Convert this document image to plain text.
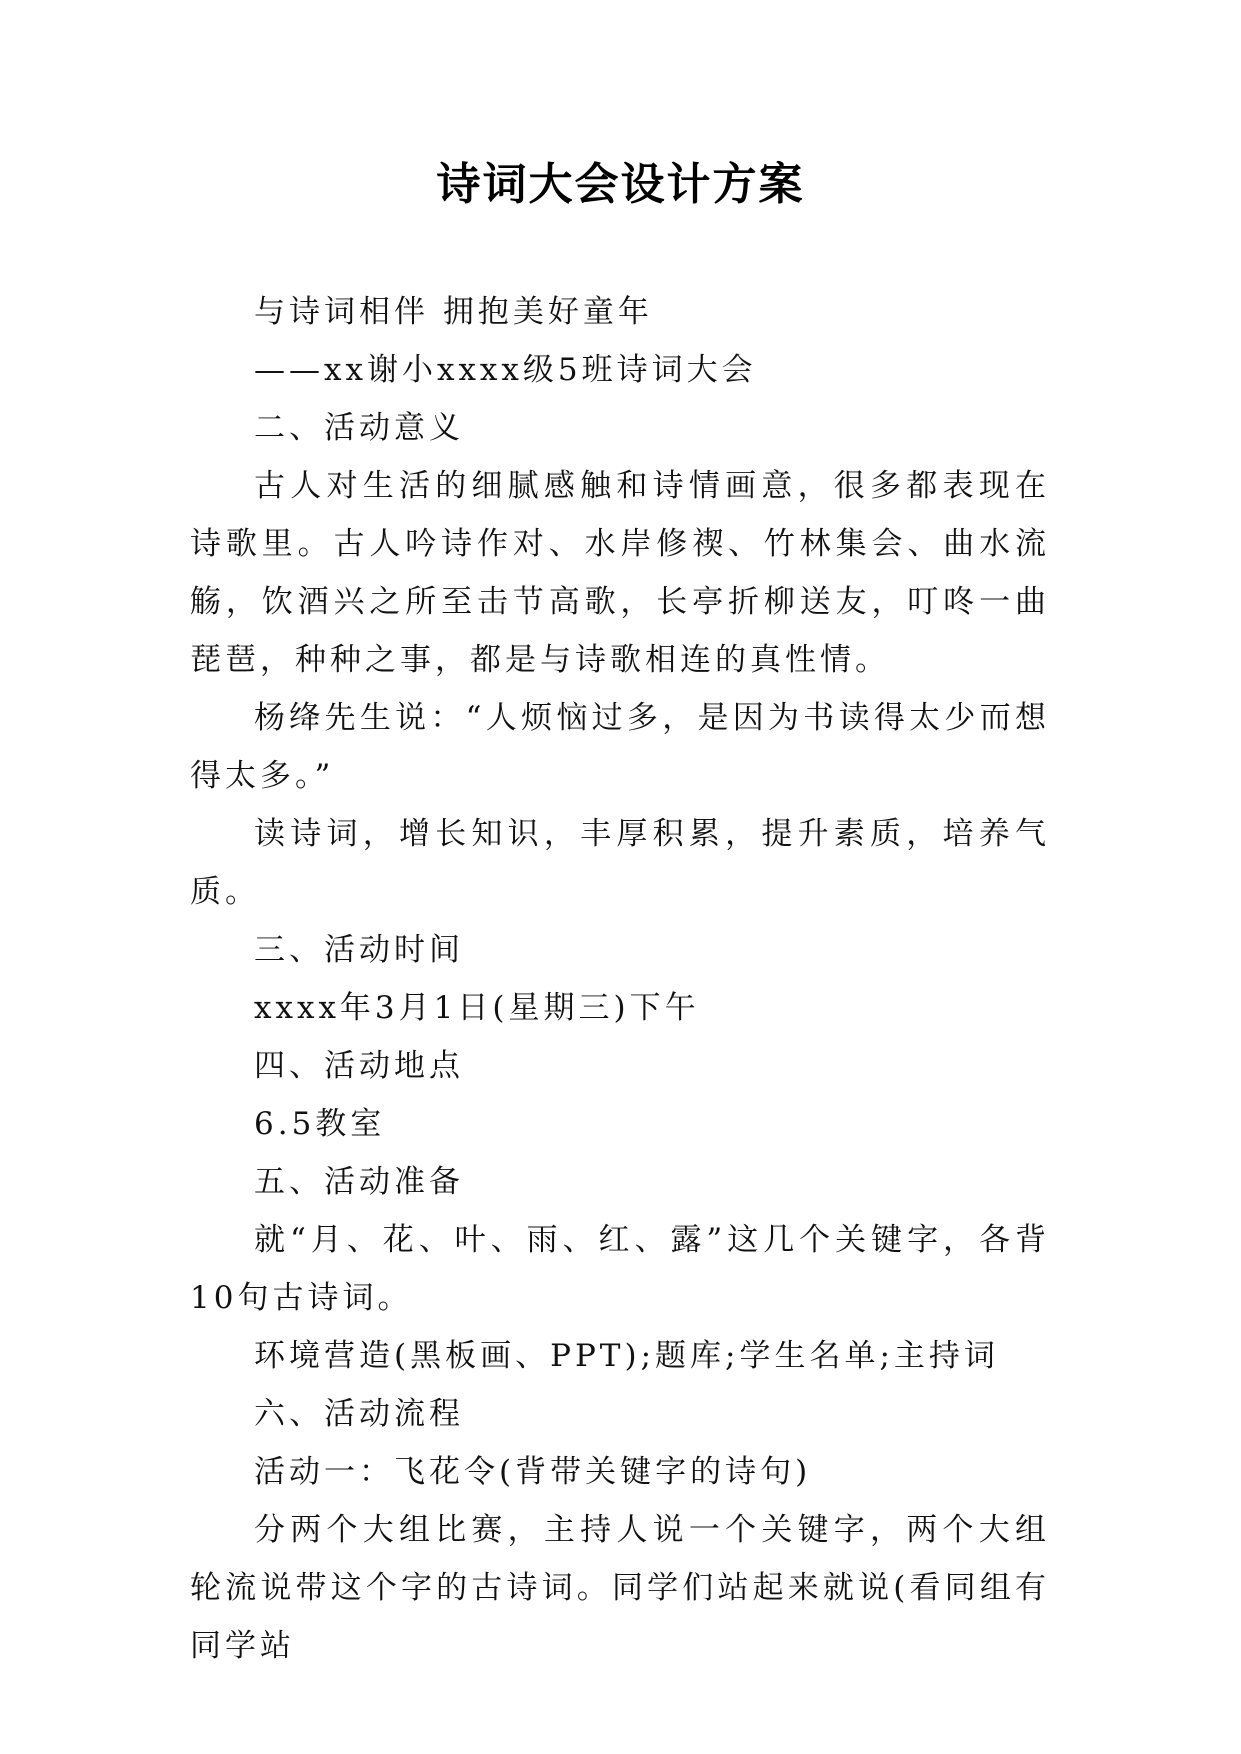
诗词大会设计方案

与诗词相伴 拥抱美好童年

——xx谢小xxxx级5班诗词大会

二、活动意义

古人对生活的细腻感触和诗情画意，很多都表现在诗歌里。古人吟诗作对、水岸修禊、竹林集会、曲水流觞，饮酒兴之所至击节高歌，长亭折柳送友，叮咚一曲琵琶，种种之事，都是与诗歌相连的真性情。

杨绛先生说：“人烦恼过多，是因为书读得太少而想得太多。”

读诗词，增长知识，丰厚积累，提升素质，培养气质。

三、活动时间

xxxx年3月1日(星期三)下午

四、活动地点

6.5教室

五、活动准备

就“月、花、叶、雨、红、露”这几个关键字，各背10句古诗词。

环境营造(黑板画、PPT);题库;学生名单;主持词

六、活动流程

活动一：飞花令(背带关键字的诗句)

分两个大组比赛，主持人说一个关键字，两个大组轮流说带这个字的古诗词。同学们站起来就说(看同组有同学站
